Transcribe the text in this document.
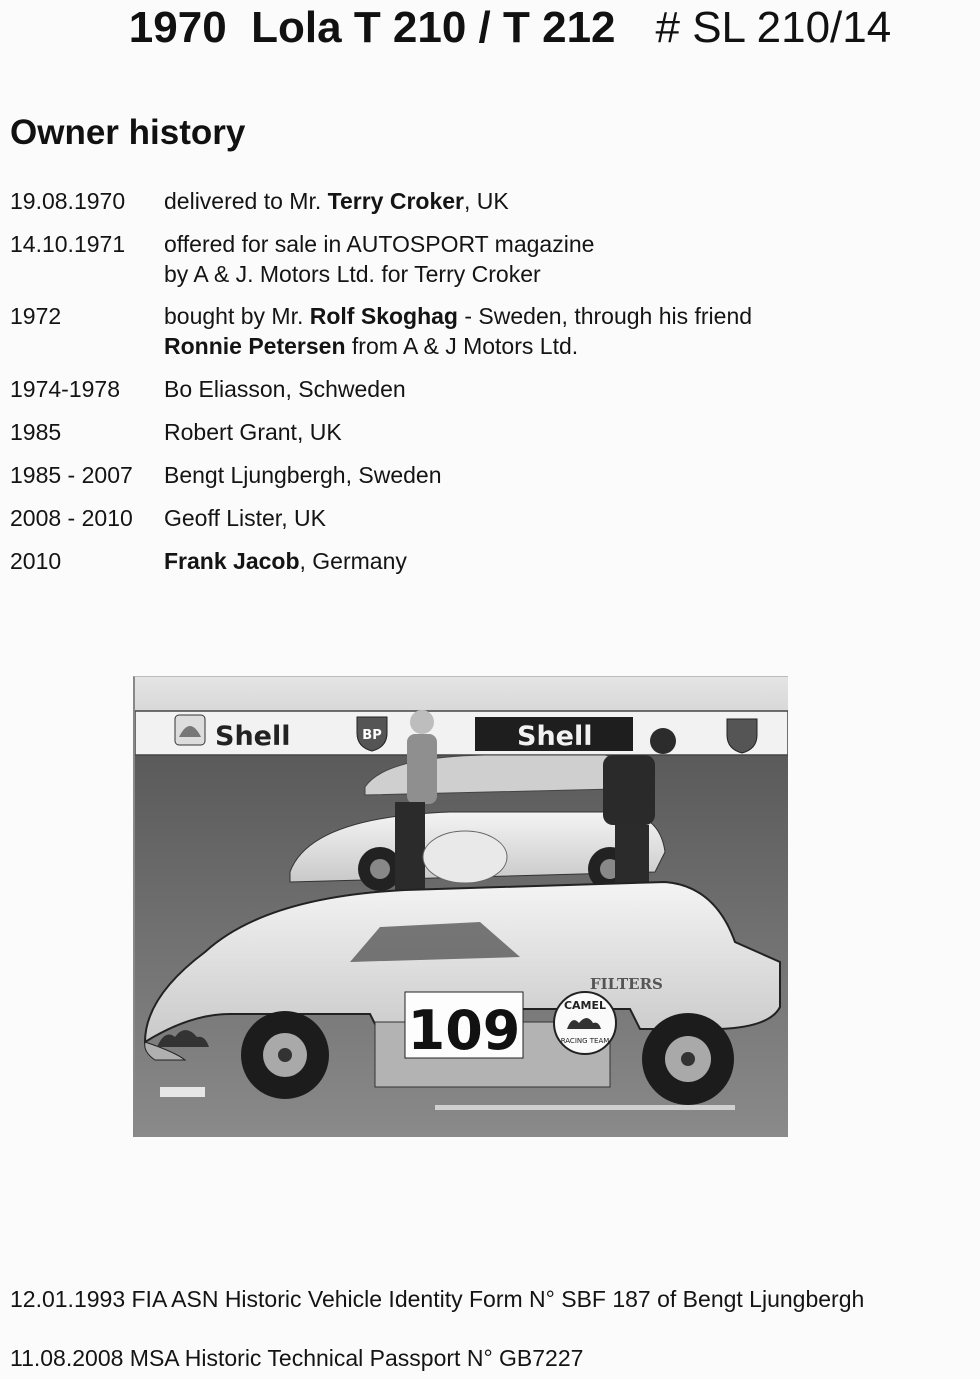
1970 Lola T 210 / T 212 # SL 210/14
Owner history
19.08.1970	delivered to Mr. Terry Croker, UK
14.10.1971	offered for sale in AUTOSPORT magazine
by A & J. Motors Ltd. for Terry Croker
1972	bought by Mr. Rolf Skoghag - Sweden, through his friend
Ronnie Petersen from A & J Motors Ltd.
1974-1978	Bo Eliasson, Schweden
1985	Robert Grant, UK
1985 - 2007	Bengt Ljungbergh, Sweden
2008 - 2010	Geoff Lister, UK
2010	Frank Jacob, Germany
Shell	BP	Shell
109	CAMEL
RACING TEAM
FILTERS
12.01.1993 FIA ASN Historic Vehicle Identity Form N° SBF 187 of Bengt Ljungbergh
11.08.2008 MSA Historic Technical Passport N° GB7227
